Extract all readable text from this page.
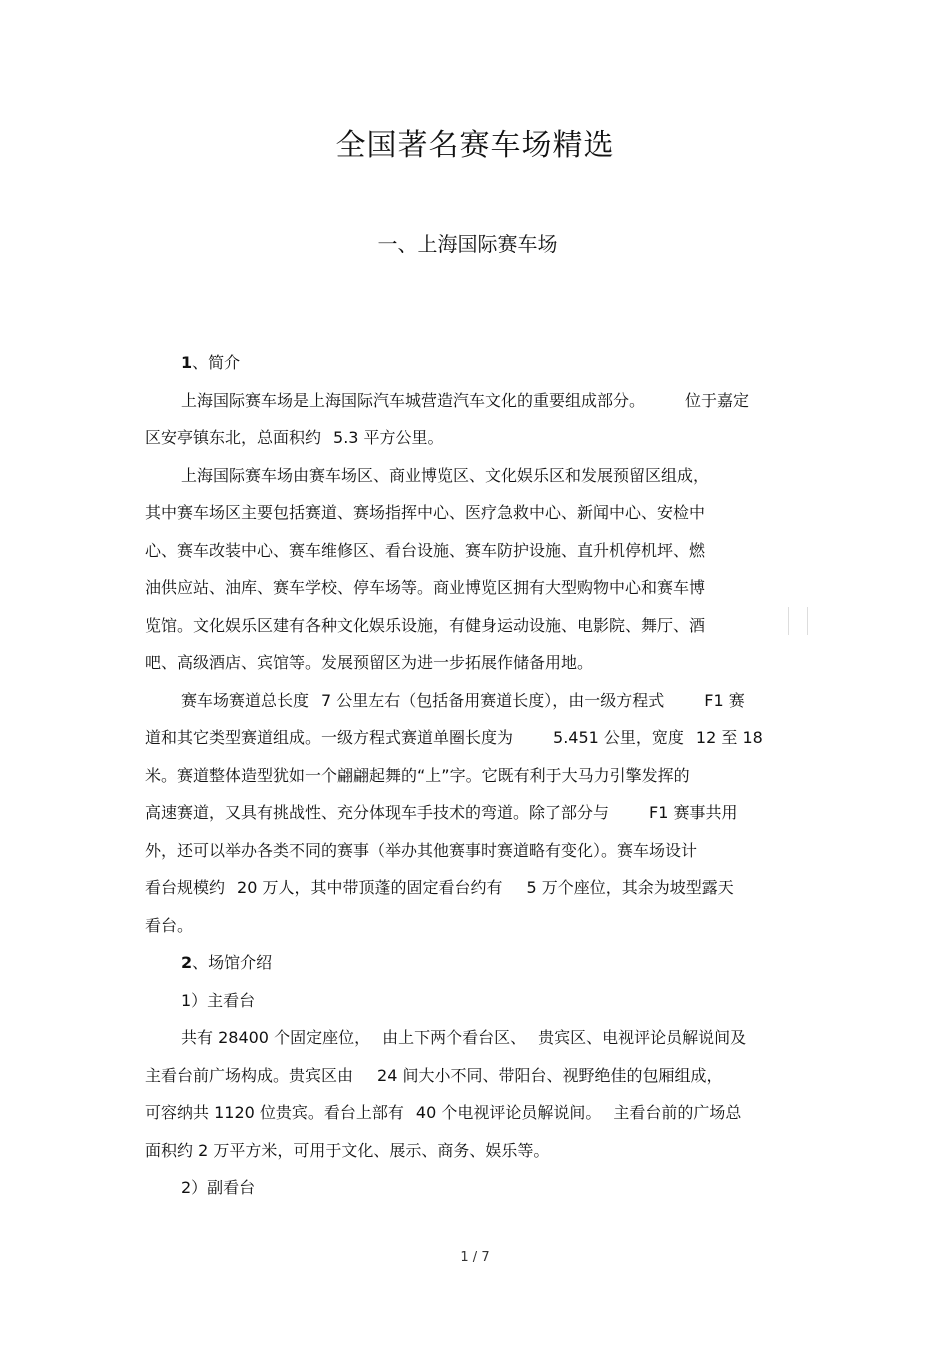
全国著名赛车场精选
一、上海国际赛车场
1、简介
上海国际赛车场是上海国际汽车城营造汽车文化的重要组成部分。	位于嘉定
区安亭镇东北，总面积约 5.3 平方公里。
上海国际赛车场由赛车场区、商业博览区、文化娱乐区和发展预留区组成，
其中赛车场区主要包括赛道、赛场指挥中心、医疗急救中心、新闻中心、安检中
心、赛车改装中心、赛车维修区、看台设施、赛车防护设施、直升机停机坪、燃
油供应站、油库、赛车学校、停车场等。商业博览区拥有大型购物中心和赛车博
览馆。文化娱乐区建有各种文化娱乐设施，有健身运动设施、电影院、舞厅、酒
吧、高级酒店、宾馆等。发展预留区为进一步拓展作储备用地。
赛车场赛道总长度 7 公里左右（包括备用赛道长度），由一级方程式	F1 赛
道和其它类型赛道组成。一级方程式赛道单圈长度为	5.451 公里，宽度 12 至 18
米。赛道整体造型犹如一个翩翩起舞的“上”字。它既有利于大马力引擎发挥的
高速赛道，又具有挑战性、充分体现车手技术的弯道。除了部分与	F1 赛事共用
外，还可以举办各类不同的赛事（举办其他赛事时赛道略有变化）。赛车场设计
看台规模约 20 万人，其中带顶蓬的固定看台约有 5 万个座位，其余为坡型露天
看台。
2、场馆介绍
1）主看台
共有 28400 个固定座位， 由上下两个看台区、 贵宾区、电视评论员解说间及
主看台前广场构成。贵宾区由 24 间大小不同、带阳台、视野绝佳的包厢组成，
可容纳共 1120 位贵宾。看台上部有 40 个电视评论员解说间。 主看台前的广场总
面积约 2 万平方米，可用于文化、展示、商务、娱乐等。
2）副看台
1 / 7
